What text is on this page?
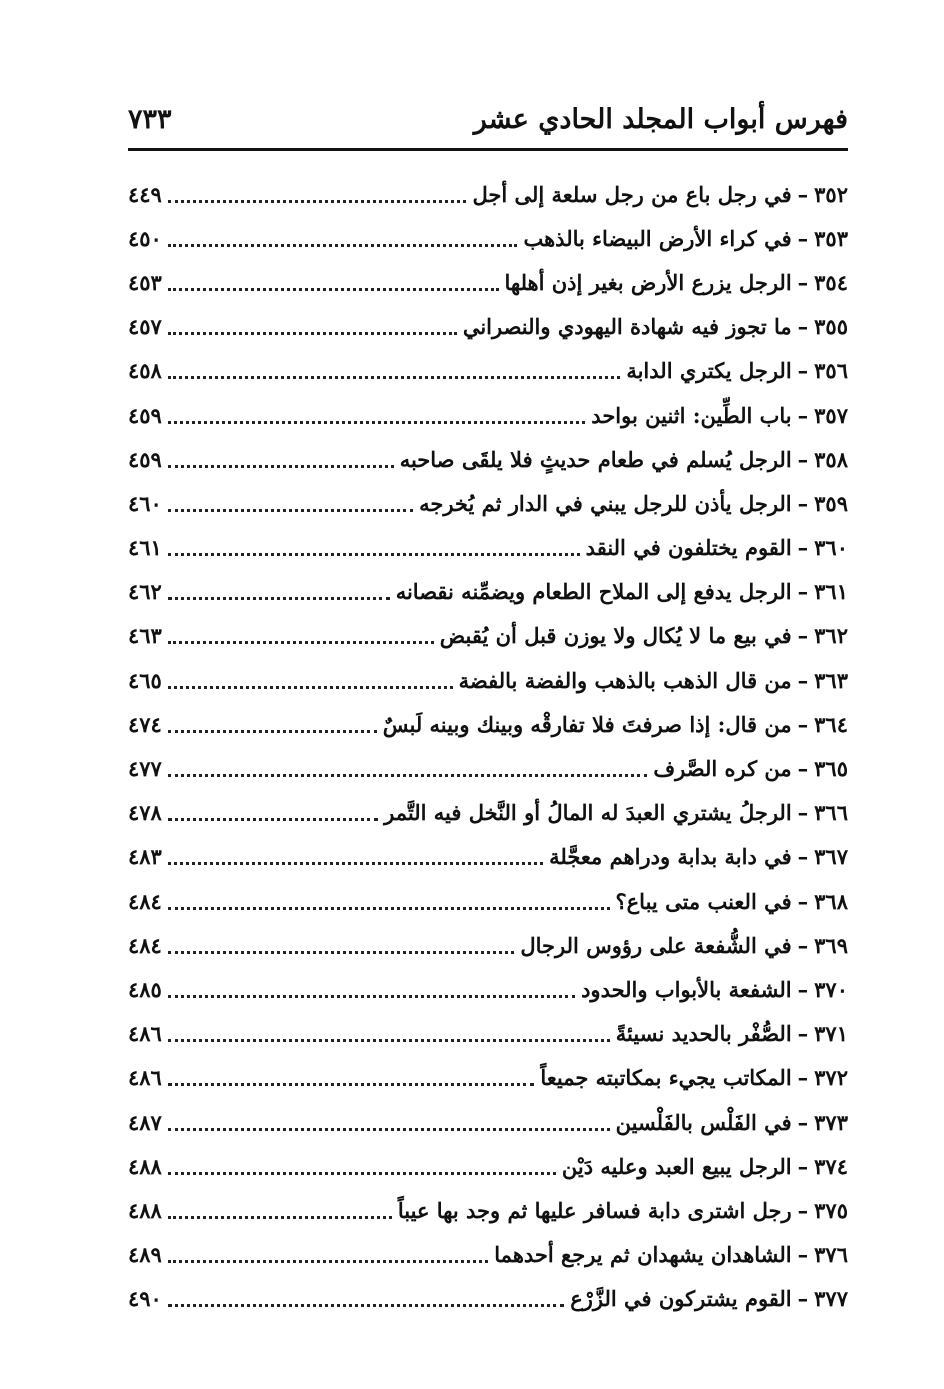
فهرس أبواب المجلد الحادي عشر
٧٣٣
٣٥٢
–
في رجل باع من رجل سلعة إلى أجل
٤٤٩
٣٥٣
–
في كراء الأرض البيضاء بالذهب
٤٥٠
٣٥٤
–
الرجل يزرع الأرض بغير إذن أهلها
٤٥٣
٣٥٥
–
ما تجوز فيه شهادة اليهودي والنصراني
٤٥٧
٣٥٦
–
الرجل يكتري الدابة
٤٥٨
٣٥٧
–
باب الطِّين: اثنين بواحد
٤٥٩
٣٥٨
–
الرجل يُسلم في طعام حديثٍ فلا يلقَى صاحبه
٤٥٩
٣٥٩
–
الرجل يأذن للرجل يبني في الدار ثم يُخرجه
٤٦٠
٣٦٠
–
القوم يختلفون في النقد
٤٦١
٣٦١
–
الرجل يدفع إلى الملاح الطعام ويضمِّنه نقصانه
٤٦٢
٣٦٢
–
في بيع ما لا يُكال ولا يوزن قبل أن يُقبض
٤٦٣
٣٦٣
–
من قال الذهب بالذهب والفضة بالفضة
٤٦٥
٣٦٤
–
من قال: إذا صرفتَ فلا تفارقْه وبينك وبينه لَبسٌ
٤٧٤
٣٦٥
–
من كره الصَّرف
٤٧٧
٣٦٦
–
الرجلُ يشتري العبدَ له المالُ أو النَّخل فيه التَّمر
٤٧٨
٣٦٧
–
في دابة بدابة ودراهم معجَّلة
٤٨٣
٣٦٨
–
في العنب متى يباع؟
٤٨٤
٣٦٩
–
في الشُّفعة على رؤوس الرجال
٤٨٤
٣٧٠
–
الشفعة بالأبواب والحدود
٤٨٥
٣٧١
–
الصُّفْر بالحديد نسيئةً
٤٨٦
٣٧٢
–
المكاتب يجيء بمكاتبته جميعاً
٤٨٦
٣٧٣
–
في الفَلْس بالفَلْسين
٤٨٧
٣٧٤
–
الرجل يبيع العبد وعليه دَيْن
٤٨٨
٣٧٥
–
رجل اشترى دابة فسافر عليها ثم وجد بها عيباً
٤٨٨
٣٧٦
–
الشاهدان يشهدان ثم يرجع أحدهما
٤٨٩
٣٧٧
–
القوم يشتركون في الزَّرْع
٤٩٠
